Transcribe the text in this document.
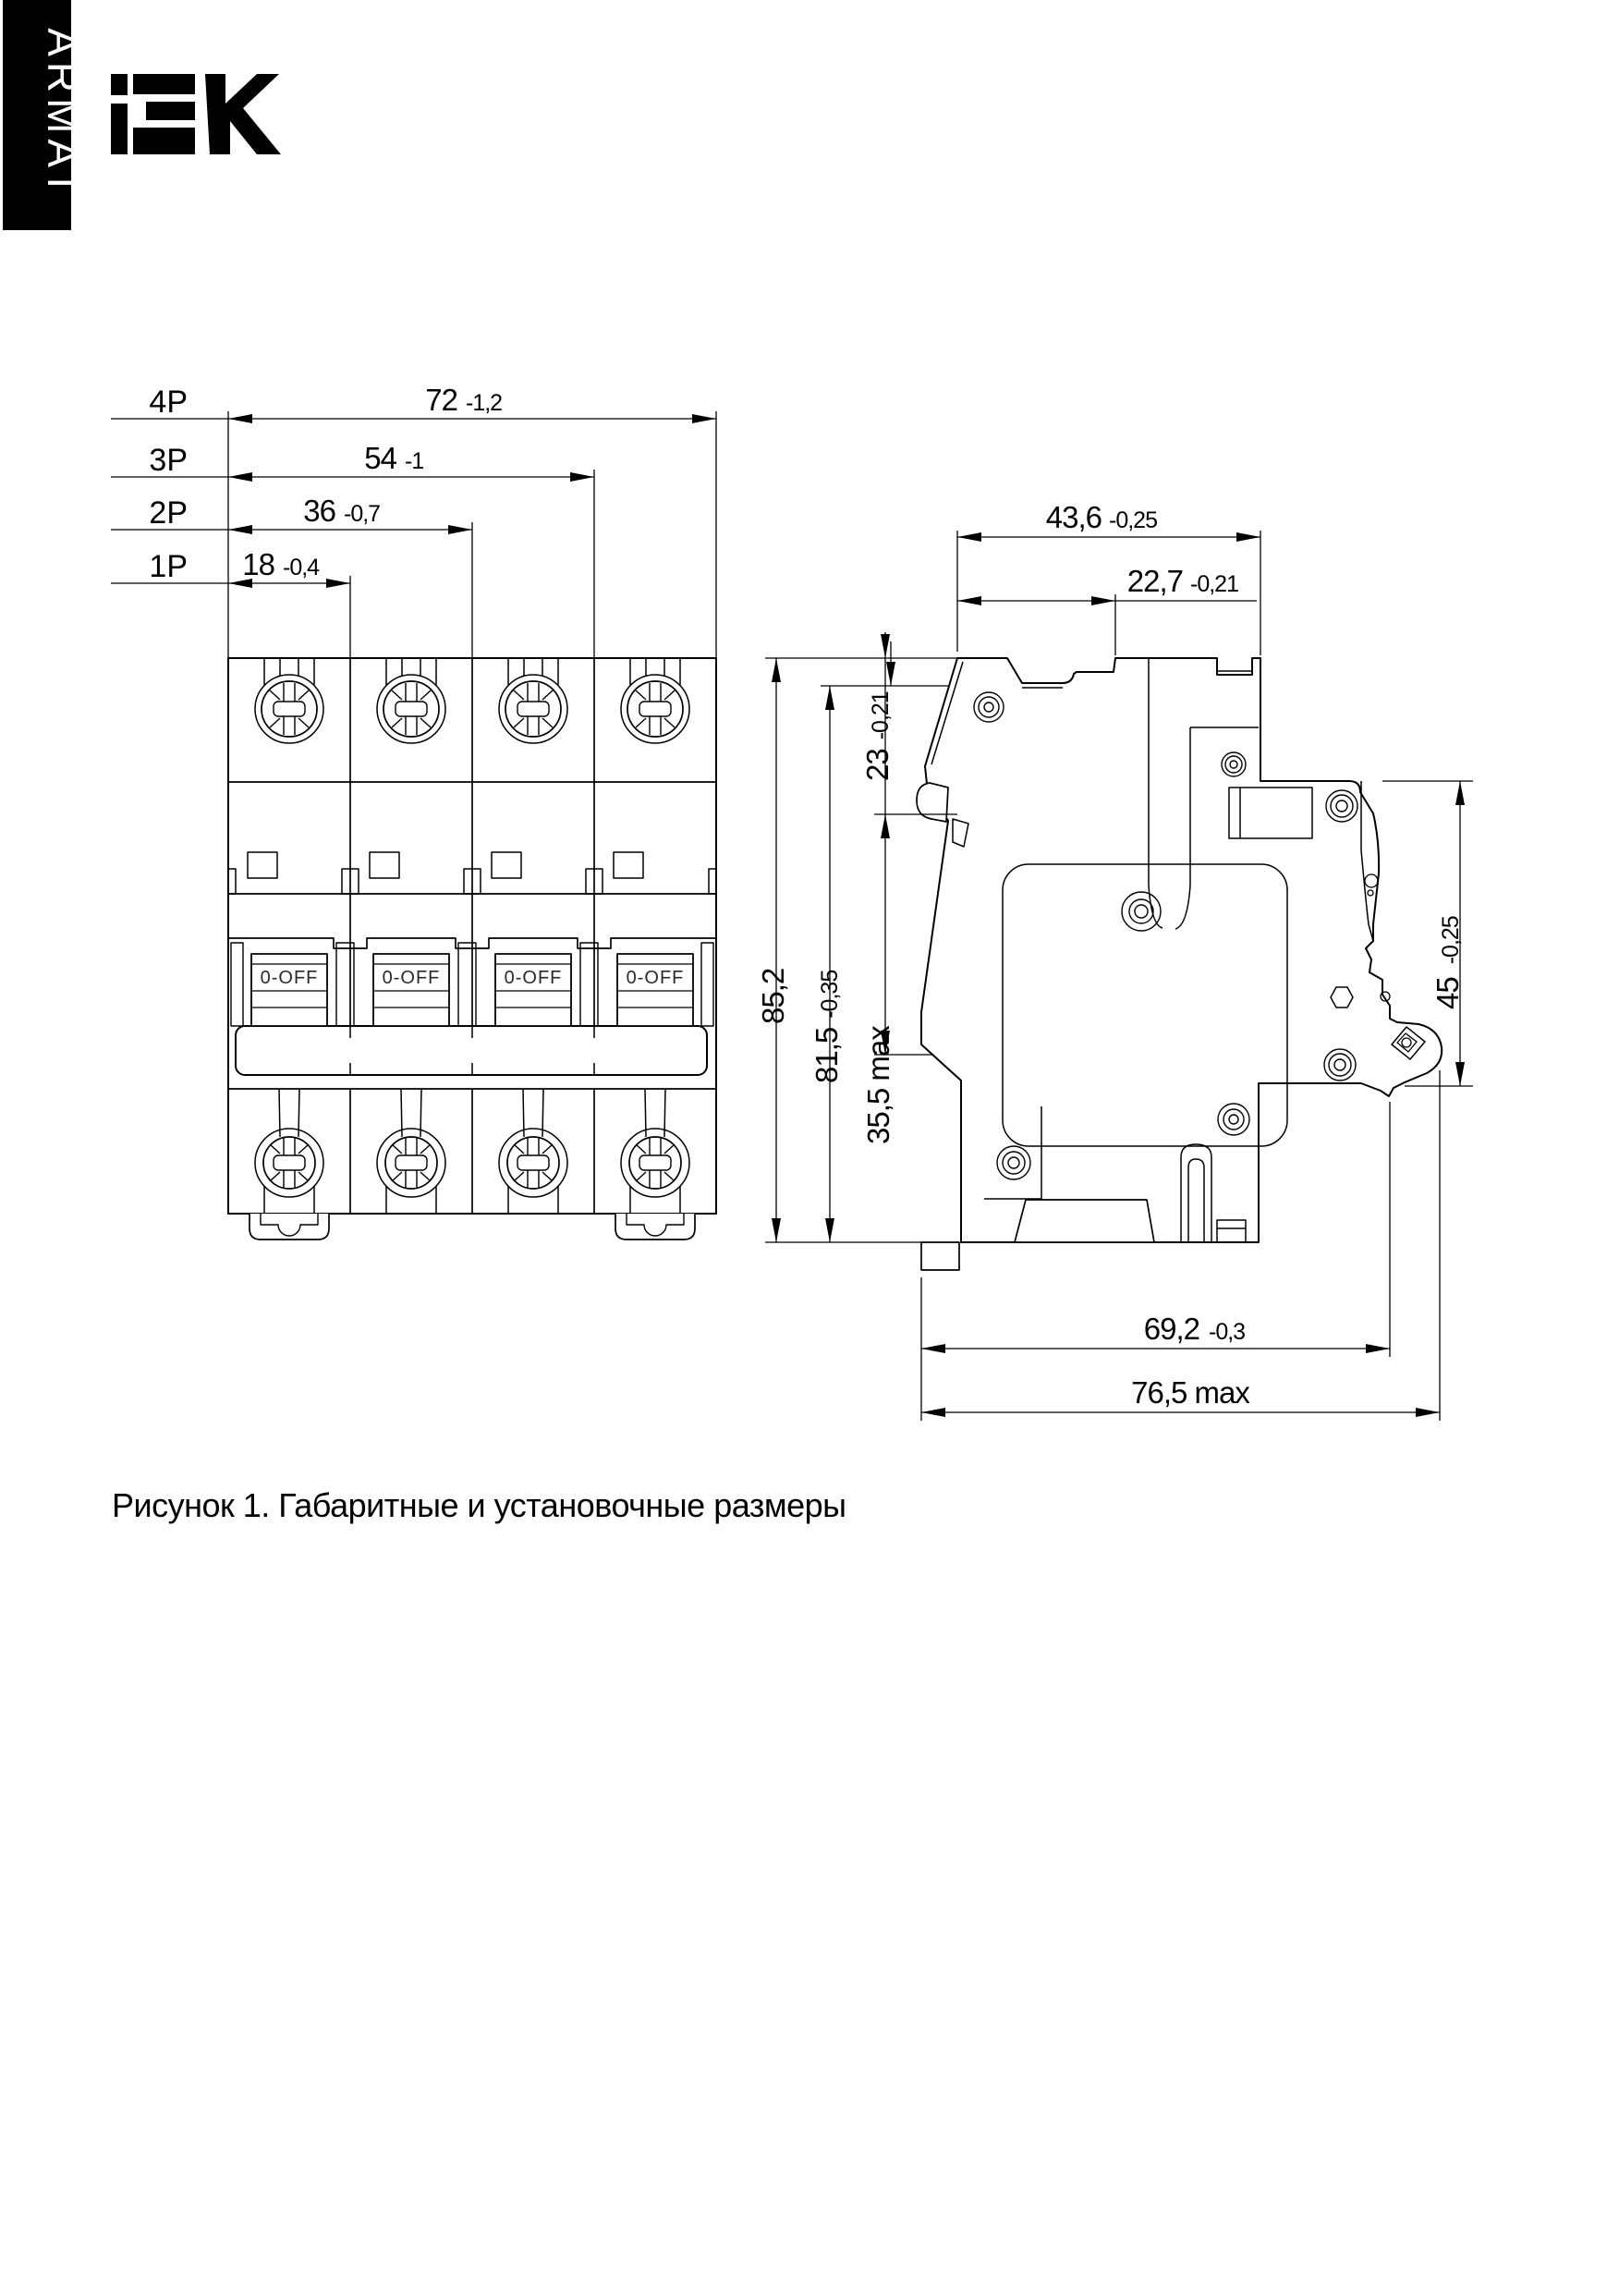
ARMAT
0-OFF	0-OFF	0-OFF	0-OFF
4P
3P
2P
1P
72 -1,2
54 -1
36 -0,7
18 -0,4
43,6 -0,25
22,7 -0,21
85,2
81,5-0,35
35,5 max
23-0,21
45-0,25
69,2 -0,3
76,5 max
Рисунок 1. Габаритные и установочные размеры
